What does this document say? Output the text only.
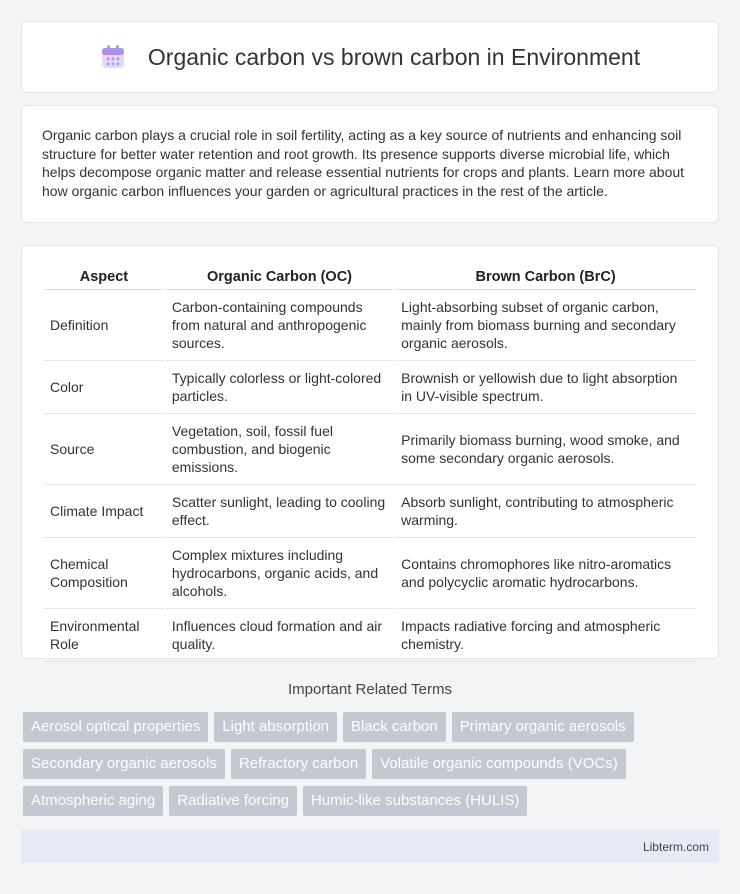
Organic carbon vs brown carbon in Environment

Organic carbon plays a crucial role in soil fertility, acting as a key source of nutrients and enhancing soil structure for better water retention and root growth. Its presence supports diverse microbial life, which helps decompose organic matter and release essential nutrients for crops and plants. Learn more about how organic carbon influences your garden or agricultural practices in the rest of the article.

Aspect	Organic Carbon (OC)	Brown Carbon (BrC)
Definition	Carbon-containing compounds from natural and anthropogenic sources.	Light-absorbing subset of organic carbon, mainly from biomass burning and secondary organic aerosols.
Color	Typically colorless or light-colored particles.	Brownish or yellowish due to light absorption in UV-visible spectrum.
Source	Vegetation, soil, fossil fuel combustion, and biogenic emissions.	Primarily biomass burning, wood smoke, and some secondary organic aerosols.
Climate Impact	Scatter sunlight, leading to cooling effect.	Absorb sunlight, contributing to atmospheric warming.
Chemical Composition	Complex mixtures including hydrocarbons, organic acids, and alcohols.	Contains chromophores like nitro-aromatics and polycyclic aromatic hydrocarbons.
Environmental Role	Influences cloud formation and air quality.	Impacts radiative forcing and atmospheric chemistry.
Important Related Terms
Aerosol optical properties	Light absorption	Black carbon	Primary organic aerosols
Secondary organic aerosols	Refractory carbon	Volatile organic compounds (VOCs)
Atmospheric aging	Radiative forcing	Humic-like substances (HULIS)
Libterm.com
